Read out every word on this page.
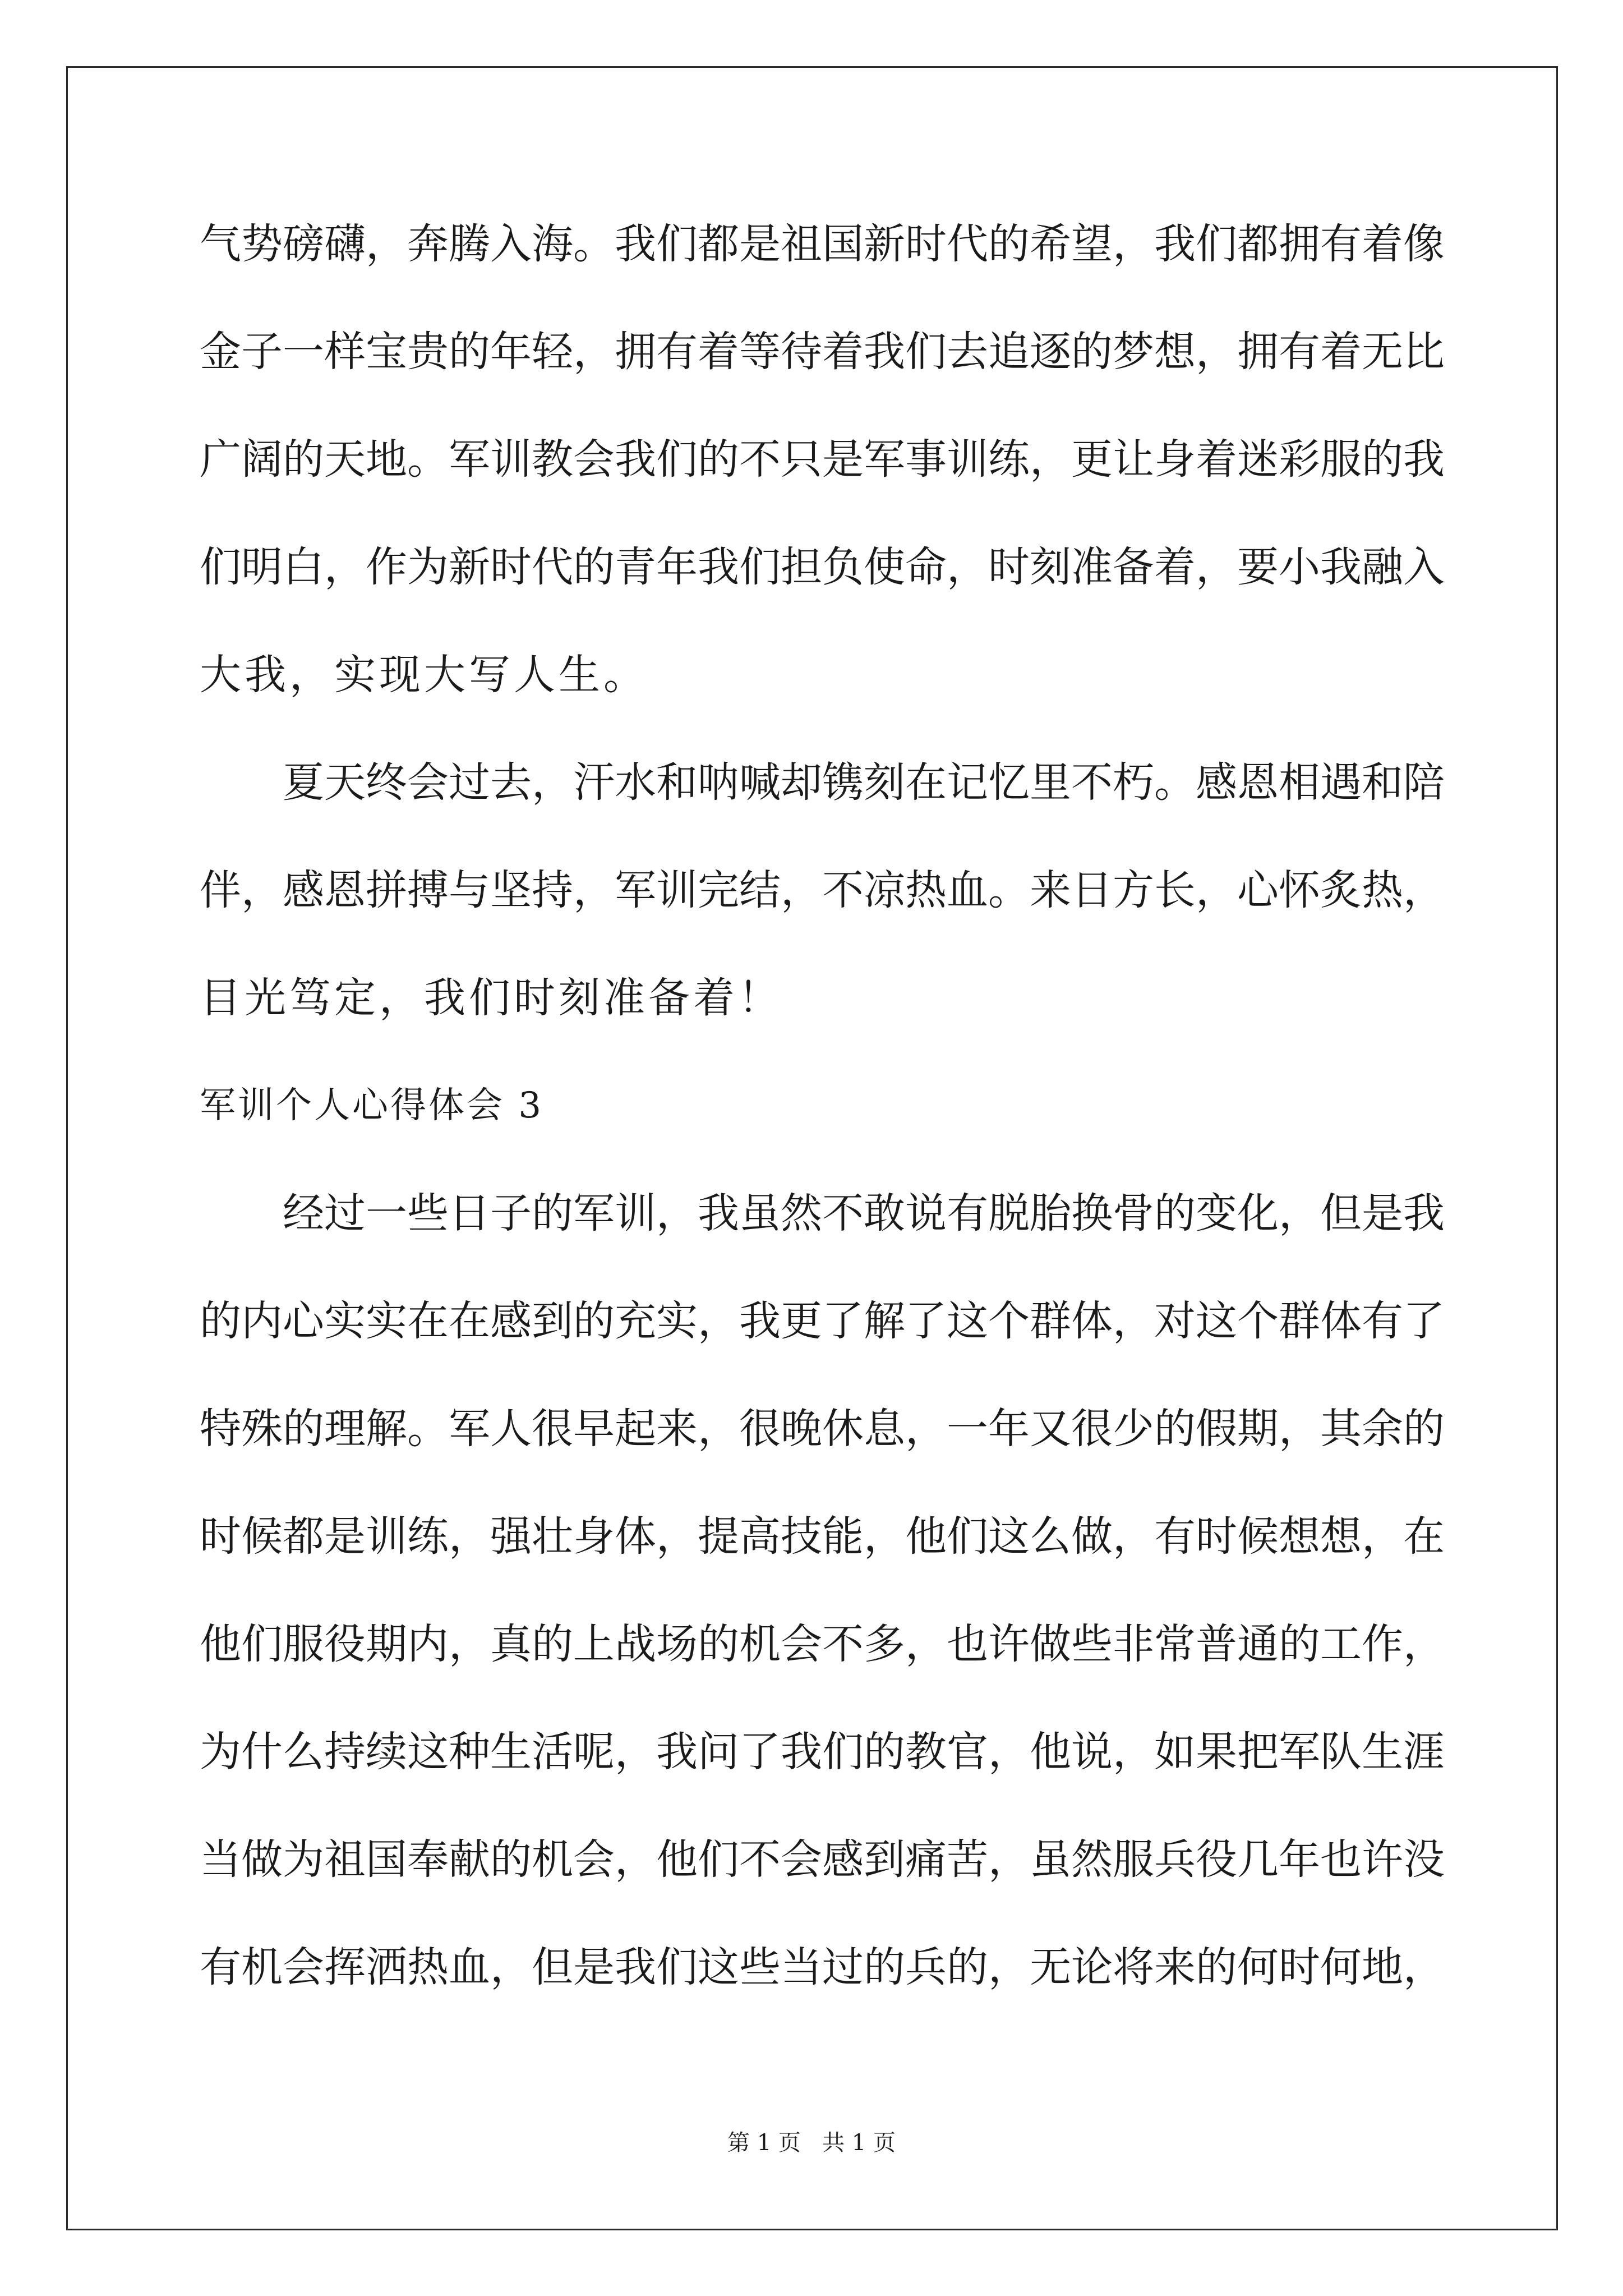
气势磅礴，奔腾入海。我们都是祖国新时代的希望，我们都拥有着像
金子一样宝贵的年轻，拥有着等待着我们去追逐的梦想，拥有着无比
广阔的天地。军训教会我们的不只是军事训练，更让身着迷彩服的我
们明白，作为新时代的青年我们担负使命，时刻准备着，要小我融入
大我，实现大写人生。
夏天终会过去，汗水和呐喊却镌刻在记忆里不朽。感恩相遇和陪
伴，感恩拼搏与坚持，军训完结，不凉热血。来日方长，心怀炙热，
目光笃定，我们时刻准备着！
军训个人心得体会 3
经过一些日子的军训，我虽然不敢说有脱胎换骨的变化，但是我
的内心实实在在感到的充实，我更了解了这个群体，对这个群体有了
特殊的理解。军人很早起来，很晚休息，一年又很少的假期，其余的
时候都是训练，强壮身体，提高技能，他们这么做，有时候想想，在
他们服役期内，真的上战场的机会不多，也许做些非常普通的工作，
为什么持续这种生活呢，我问了我们的教官，他说，如果把军队生涯
当做为祖国奉献的机会，他们不会感到痛苦，虽然服兵役几年也许没
有机会挥洒热血，但是我们这些当过的兵的，无论将来的何时何地，
第 1 页   共 1 页
